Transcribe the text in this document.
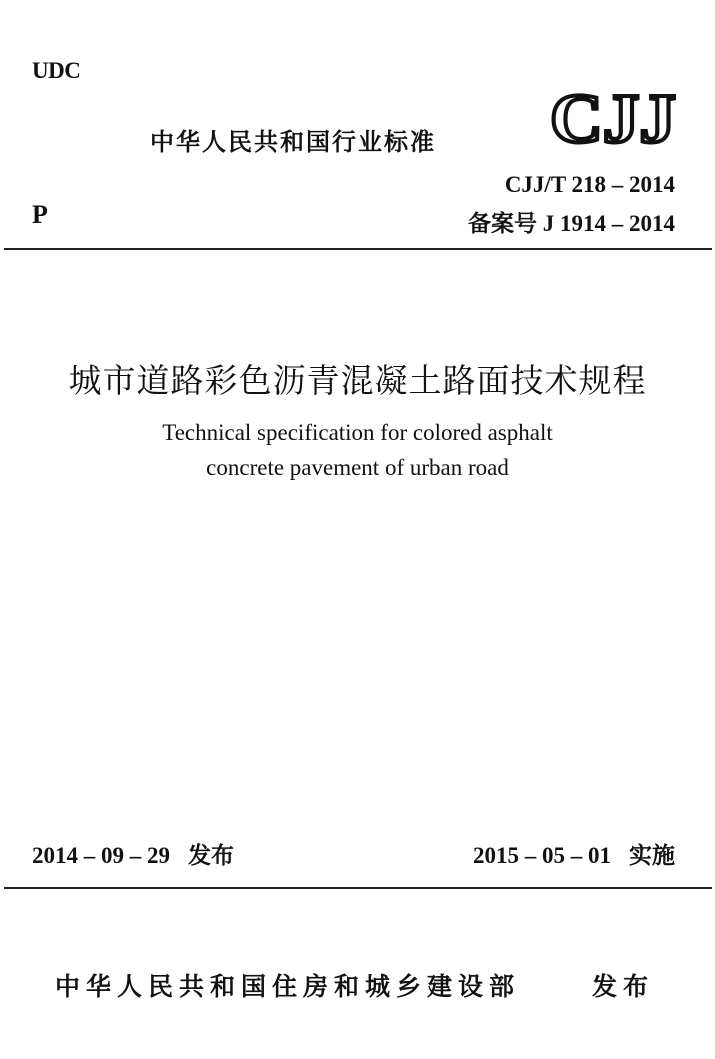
UDC
中华人民共和国行业标准 CJJ
CJJ/T 218 – 2014
P	备案号 J 1914 – 2014
城市道路彩色沥青混凝土路面技术规程
Technical specification for colored asphalt
concrete pavement of urban road
2014 – 09 – 29 发布	2015 – 05 – 01 实施
中华人民共和国住房和城乡建设部	发布
